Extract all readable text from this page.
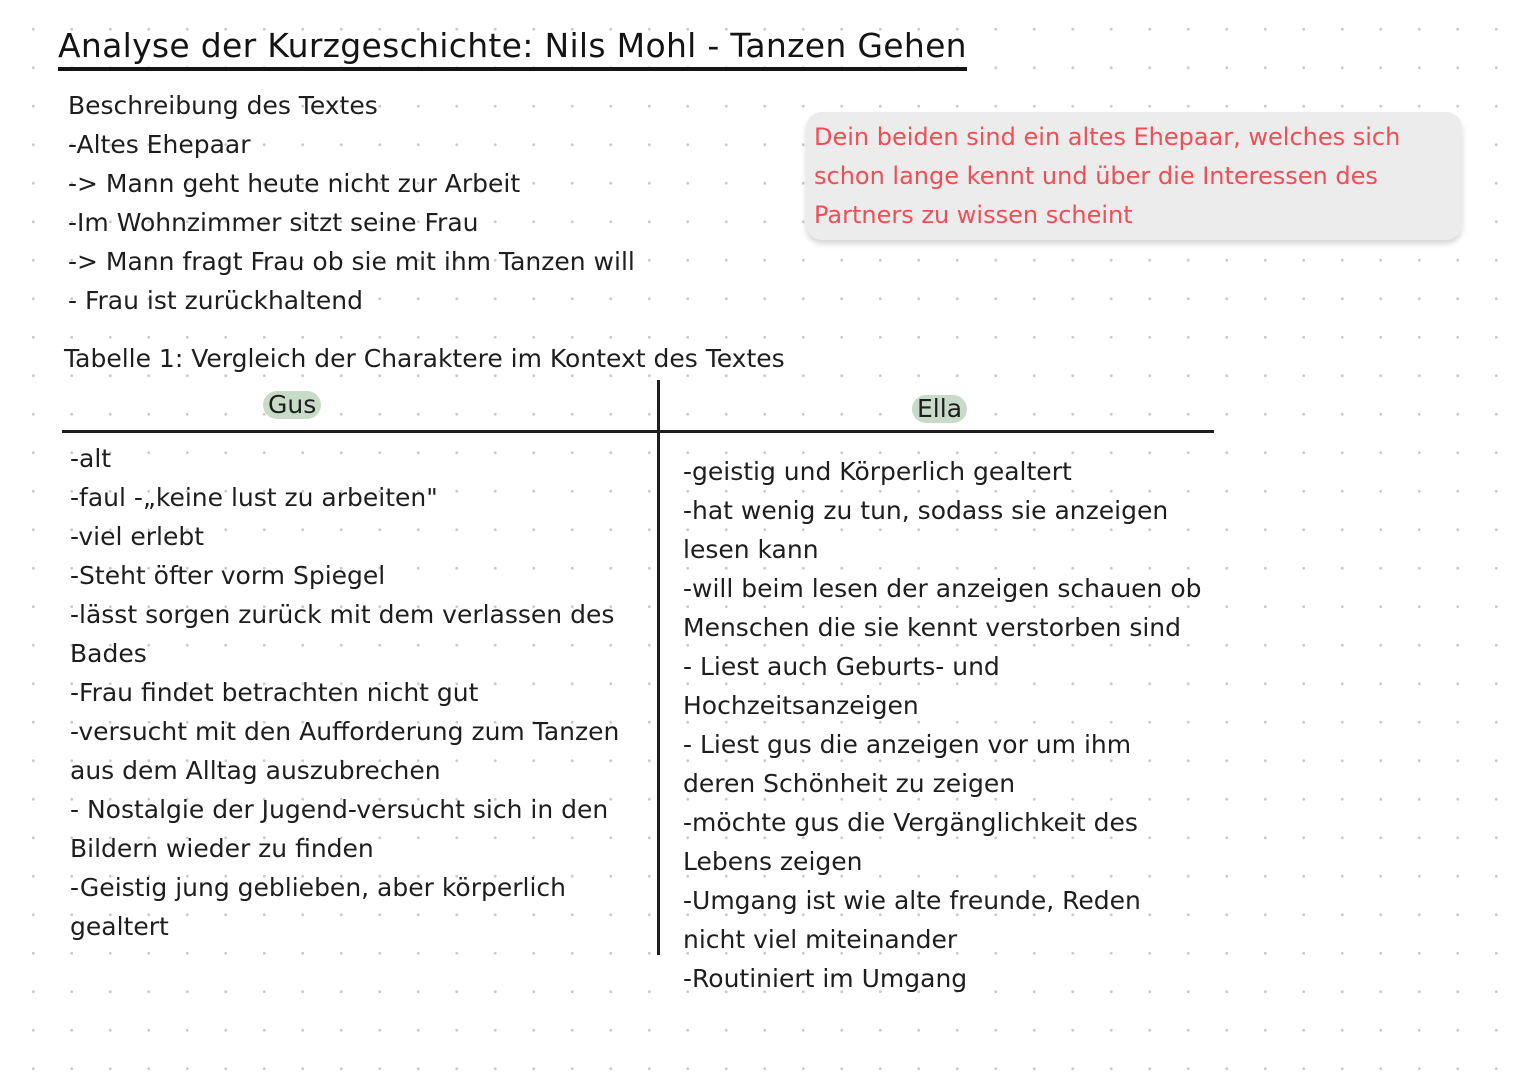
Analyse der Kurzgeschichte: Nils Mohl - Tanzen Gehen
Beschreibung des Textes
-Altes Ehepaar
-> Mann geht heute nicht zur Arbeit
-Im Wohnzimmer sitzt seine Frau
-> Mann fragt Frau ob sie mit ihm Tanzen will
- Frau ist zurückhaltend
Dein beiden sind ein altes Ehepaar, welches sich
schon lange kennt und über die Interessen des
Partners zu wissen scheint
Tabelle 1: Vergleich der Charaktere im Kontext des Textes
Gus	Ella
-alt
-faul -„keine lust zu arbeiten"
-viel erlebt
-Steht öfter vorm Spiegel
-lässt sorgen zurück mit dem verlassen des
Bades
-Frau findet betrachten nicht gut
-versucht mit den Aufforderung zum Tanzen
aus dem Alltag auszubrechen
- Nostalgie der Jugend-versucht sich in den
Bildern wieder zu finden
-Geistig jung geblieben, aber körperlich
gealtert
-geistig und Körperlich gealtert
-hat wenig zu tun, sodass sie anzeigen
lesen kann
-will beim lesen der anzeigen schauen ob
Menschen die sie kennt verstorben sind
- Liest auch Geburts- und
Hochzeitsanzeigen
- Liest gus die anzeigen vor um ihm
deren Schönheit zu zeigen
-möchte gus die Vergänglichkeit des
Lebens zeigen
-Umgang ist wie alte freunde, Reden
nicht viel miteinander
-Routiniert im Umgang
